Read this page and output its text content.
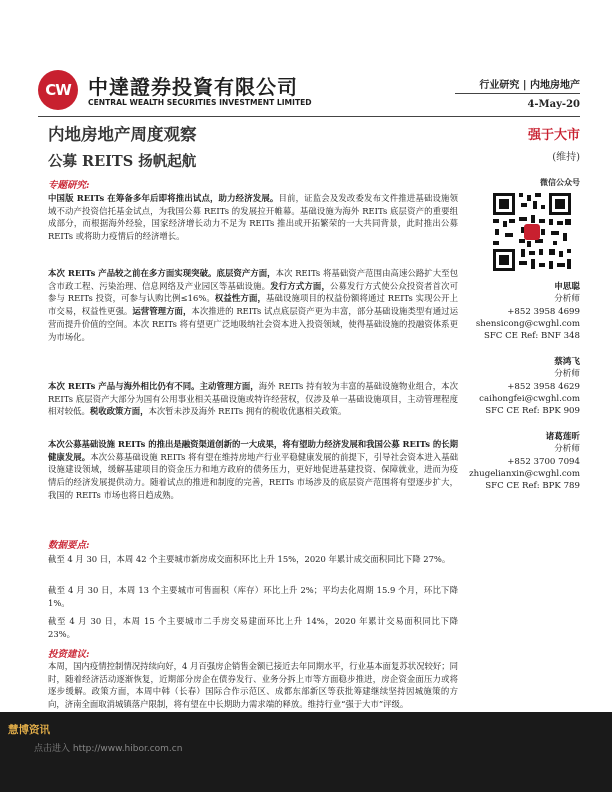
CW 中達證券投資有限公司
CENTRAL WEALTH SECURITIES INVESTMENT LIMITED
行业研究 | 内地房地产
4-May-20
内地房地产周度观察
公募 REITS 扬帆起航
强于大市
(维持)
专题研究:
中国版 REITs 在筹备多年后即将推出试点，助力经济发展。目前，证监会及发改委发布文件推进基础设施领域不动产投资信托基金试点，为我国公募 REITs 的发展拉开帷幕。基础设施为海外 REITs 底层资产的重要组成部分，而根据海外经验，国家经济增长动力不足为 REITs 推出或开拓繁荣的一大共同背景，此时推出公募 REITs 或将助力疫情后的经济增长。
本次 REITs 产品较之前在多方面实现突破。底层资产方面，本次 REITs 将基础资产范围由高速公路扩大至包含市政工程、污染治理、信息网络及产业园区等基础设施。发行方式方面，公募发行方式使公众投资者首次可参与 REITs 投资，可参与认购比例≤16%。权益性方面，基础设施项目的权益份额将通过 REITs 实现公开上市交易，权益性更强。运营管理方面，本次推进的 REITs 试点底层资产更为丰富，部分基础设施类型有通过运营而提升价值的空间。本次 REITs 将有望更广泛地吸纳社会资本进入投资领域，使得基础设施的投融资体系更为市场化。
本次 REITs 产品与海外相比仍有不同。主动管理方面，海外 REITs 持有较为丰富的基础设施物业组合，本次 REITs 底层资产大部分为国有公用事业相关基础设施或特许经营权，仅涉及单一基础设施项目，主动管理程度相对较低。税收政策方面，本次暂未涉及海外 REITs 拥有的税收优惠相关政策。
本次公募基础设施 REITs 的推出是融资渠道创新的一大成果，将有望助力经济发展和我国公募 REITs 的长期健康发展。本次公募基础设施 REITs 将有望在维持房地产行业平稳健康发展的前提下，引导社会资本进入基础设施建设领域，缓解基建项目的资金压力和地方政府的债务压力，更好地促进基建投资、保障就业，进而为疫情后的经济发展提供动力。随着试点的推进和制度的完善，REITs 市场涉及的底层资产范围将有望逐步扩大，我国的 REITs 市场也将日趋成熟。
数据要点:
截至 4 月 30 日，本周 42 个主要城市新房成交面积环比上升 15%，2020 年累计成交面积同比下降 27%。
截至 4 月 30 日，本周 13 个主要城市可售面积（库存）环比上升 2%；平均去化周期 15.9 个月，环比下降 1%。
截至 4 月 30 日，本周 15 个主要城市二手房交易建面环比上升 14%，2020 年累计交易面积同比下降 23%。
投资建议:
本周，国内疫情控制情况持续向好，4 月百强房企销售金额已接近去年同期水平，行业基本面复苏状况较好；同时，随着经济活动逐渐恢复，近期部分房企在债券发行、业务分拆上市等方面稳步推进，房企资金面压力或将逐步缓解。政策方面，本周中韩（长春）国际合作示范区、成都东部新区等获批筹建继续坚持因城施策的方向，济南全面取消城镇落户限制，将有望在中长期助力需求端的释放。维持行业“强于大市”评级。
微信公众号
申思聪
分析师
+852 3958 4699
shensicong@cwghl.com
SFC CE Ref: BNF 348
蔡鸿飞
分析师
+852 3958 4629
caihongfei@cwghl.com
SFC CE Ref: BPK 909
诸葛莲昕
分析师
+852 3700 7094
zhugelianxin@cwghl.com
SFC CE Ref: BPK 789
慧博资讯
点击进入 http://www.hibor.com.cn
